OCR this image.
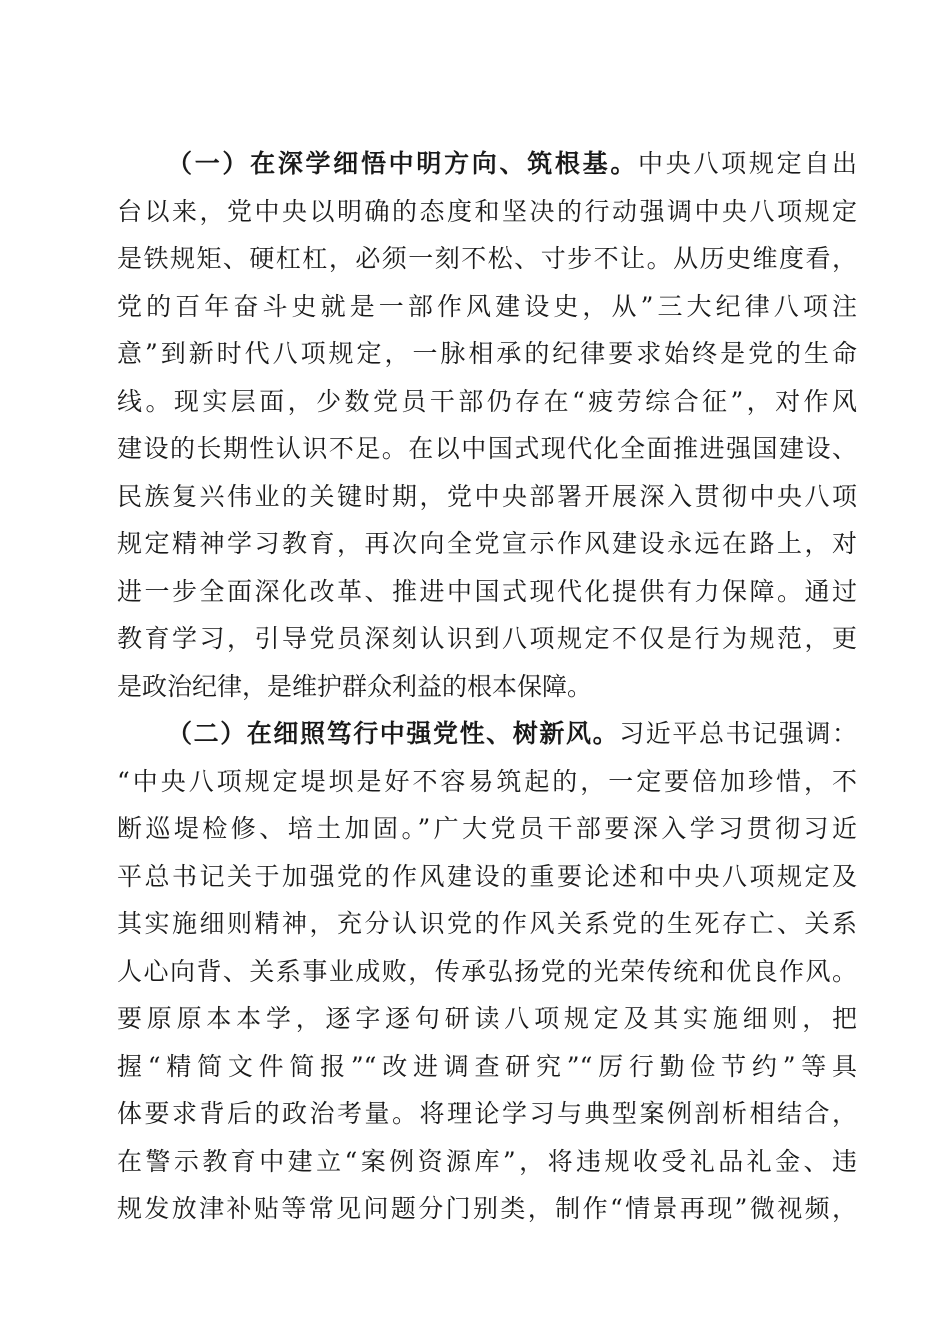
（一）在深学细悟中明方向、筑根基。中央八项规定自出
台以来，党中央以明确的态度和坚决的行动强调中央八项规定
是铁规矩、硬杠杠，必须一刻不松、寸步不让。从历史维度看，
党的百年奋斗史就是一部作风建设史，从”三大纪律八项注
意”到新时代八项规定，一脉相承的纪律要求始终是党的生命
线。现实层面，少数党员干部仍存在“疲劳综合征”，对作风
建设的长期性认识不足。在以中国式现代化全面推进强国建设、
民族复兴伟业的关键时期，党中央部署开展深入贯彻中央八项
规定精神学习教育，再次向全党宣示作风建设永远在路上，对
进一步全面深化改革、推进中国式现代化提供有力保障。通过
教育学习，引导党员深刻认识到八项规定不仅是行为规范，更
是政治纪律，是维护群众利益的根本保障。
（二）在细照笃行中强党性、树新风。习近平总书记强调：
“中央八项规定堤坝是好不容易筑起的，一定要倍加珍惜，不
断巡堤检修、培土加固。”广大党员干部要深入学习贯彻习近
平总书记关于加强党的作风建设的重要论述和中央八项规定及
其实施细则精神，充分认识党的作风关系党的生死存亡、关系
人心向背、关系事业成败，传承弘扬党的光荣传统和优良作风。
要原原本本学，逐字逐句研读八项规定及其实施细则，把
握“精简文件简报”“改进调查研究”“厉行勤俭节约”等具
体要求背后的政治考量。将理论学习与典型案例剖析相结合，
在警示教育中建立“案例资源库”，将违规收受礼品礼金、违
规发放津补贴等常见问题分门别类，制作“情景再现”微视频，
